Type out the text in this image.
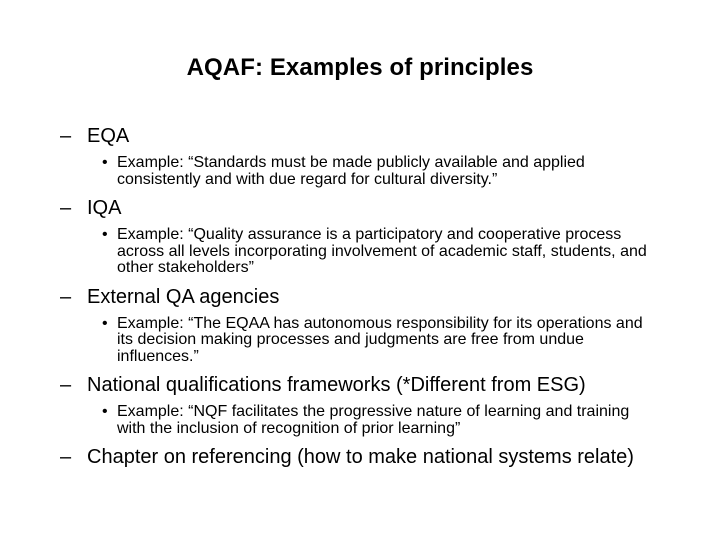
AQAF: Examples of principles
– EQA
• Example: “Standards must be made publicly available and applied consistently and with due regard for cultural diversity.”
– IQA
• Example: “Quality assurance is a participatory and cooperative process across all levels incorporating involvement of academic staff, students, and other stakeholders”
– External QA agencies
• Example: “The EQAA has autonomous responsibility for its operations and its decision making processes and judgments are free from undue influences.”
– National qualifications frameworks (*Different from ESG)
• Example: “NQF facilitates the progressive nature of learning and training with the inclusion of recognition of prior learning”
– Chapter on referencing (how to make national systems relate)
